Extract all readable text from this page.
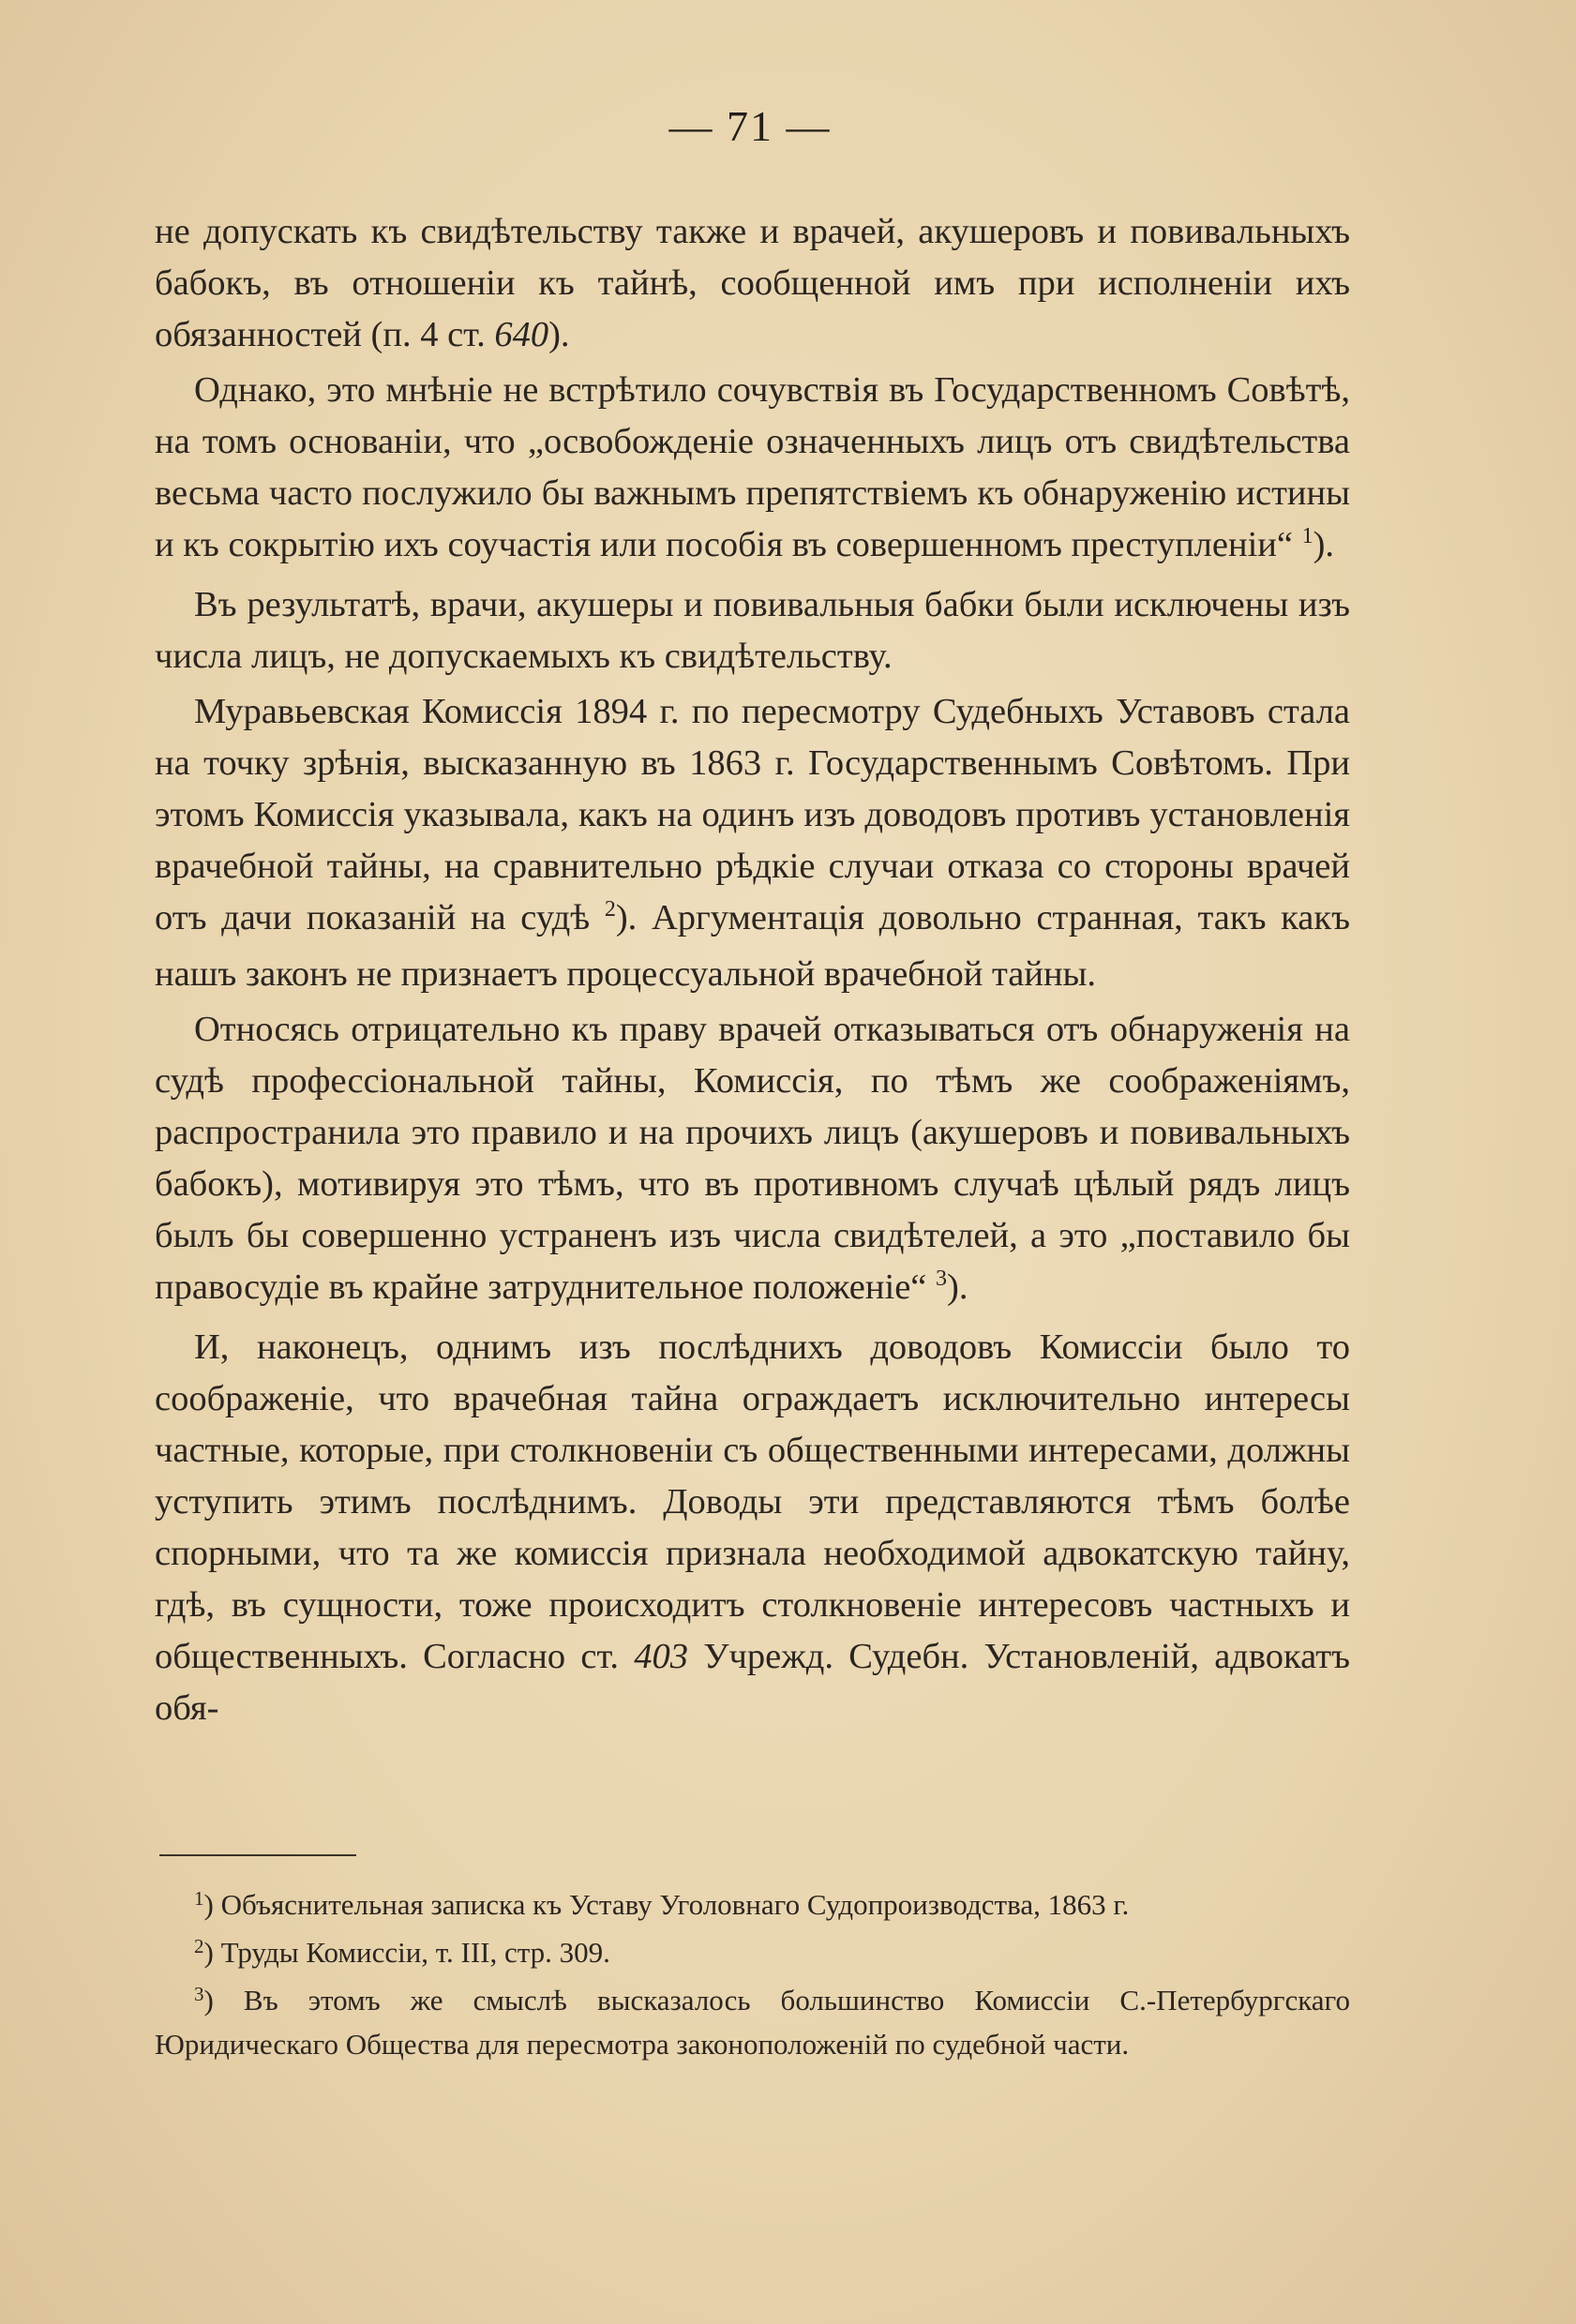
— 71 —

не допускать къ свидѣтельству также и врачей, акушеровъ и повивальныхъ бабокъ, въ отношенiи къ тайнѣ, сообщенной имъ при исполненiи ихъ обязанностей (п. 4 ст. 640).

Однако, это мнѣнiе не встрѣтило сочувствiя въ Государственномъ Совѣтѣ, на томъ основанiи, что „освобожденiе означенныхъ лицъ отъ свидѣтельства весьма часто послужило бы важнымъ препятствiемъ къ обнаруженiю истины и къ сокрытiю ихъ соучастiя или пособiя въ совершенномъ преступленiи“ $^1$).

Въ результатѣ, врачи, акушеры и повивальныя бабки были исключены изъ числа лицъ, не допускаемыхъ къ свидѣтельству.

Муравьевская Комиссiя 1894 г. по пересмотру Судебныхъ Уставовъ стала на точку зрѣнiя, высказанную въ 1863 г. Государственнымъ Совѣтомъ. При этомъ Комиссiя указывала, какъ на одинъ изъ доводовъ противъ установленiя врачебной тайны, на сравнительно рѣдкiе случаи отказа со стороны врачей отъ дачи показанiй на судѣ $^2$). Аргументацiя довольно странная, такъ какъ нашъ законъ не признаетъ процессуальной врачебной тайны.

Относясь отрицательно къ праву врачей отказываться отъ обнаруженiя на судѣ профессiональной тайны, Комиссiя, по тѣмъ же соображенiямъ, распространила это правило и на прочихъ лицъ (акушеровъ и повивальныхъ бабокъ), мотивируя это тѣмъ, что въ противномъ случаѣ цѣлый рядъ лицъ былъ бы совершенно устраненъ изъ числа свидѣтелей, а это „поставило бы правосудiе въ крайне затруднительное положенiе“ $^3$).

И, наконецъ, однимъ изъ послѣднихъ доводовъ Комиссiи было то соображенiе, что врачебная тайна ограждаетъ исключительно интересы частные, которые, при столкновенiи съ общественными интересами, должны уступить этимъ послѣднимъ. Доводы эти представляются тѣмъ болѣе спорными, что та же комиссiя признала необходимой адвокатскую тайну, гдѣ, въ сущности, тоже происходитъ столкновенiе интересовъ частныхъ и общественныхъ. Согласно ст. 403 Учрежд. Судебн. Установленiй, адвокатъ обя-

$^1$) Объяснительная записка къ Уставу Уголовнаго Судопроизводства, 1863 г.

$^2$) Труды Комиссiи, т. III, стр. 309.

$^3$) Въ этомъ же смыслѣ высказалось большинство Комиссiи С.-Петербургскаго Юридическаго Общества для пересмотра законоположенiй по судебной части.
